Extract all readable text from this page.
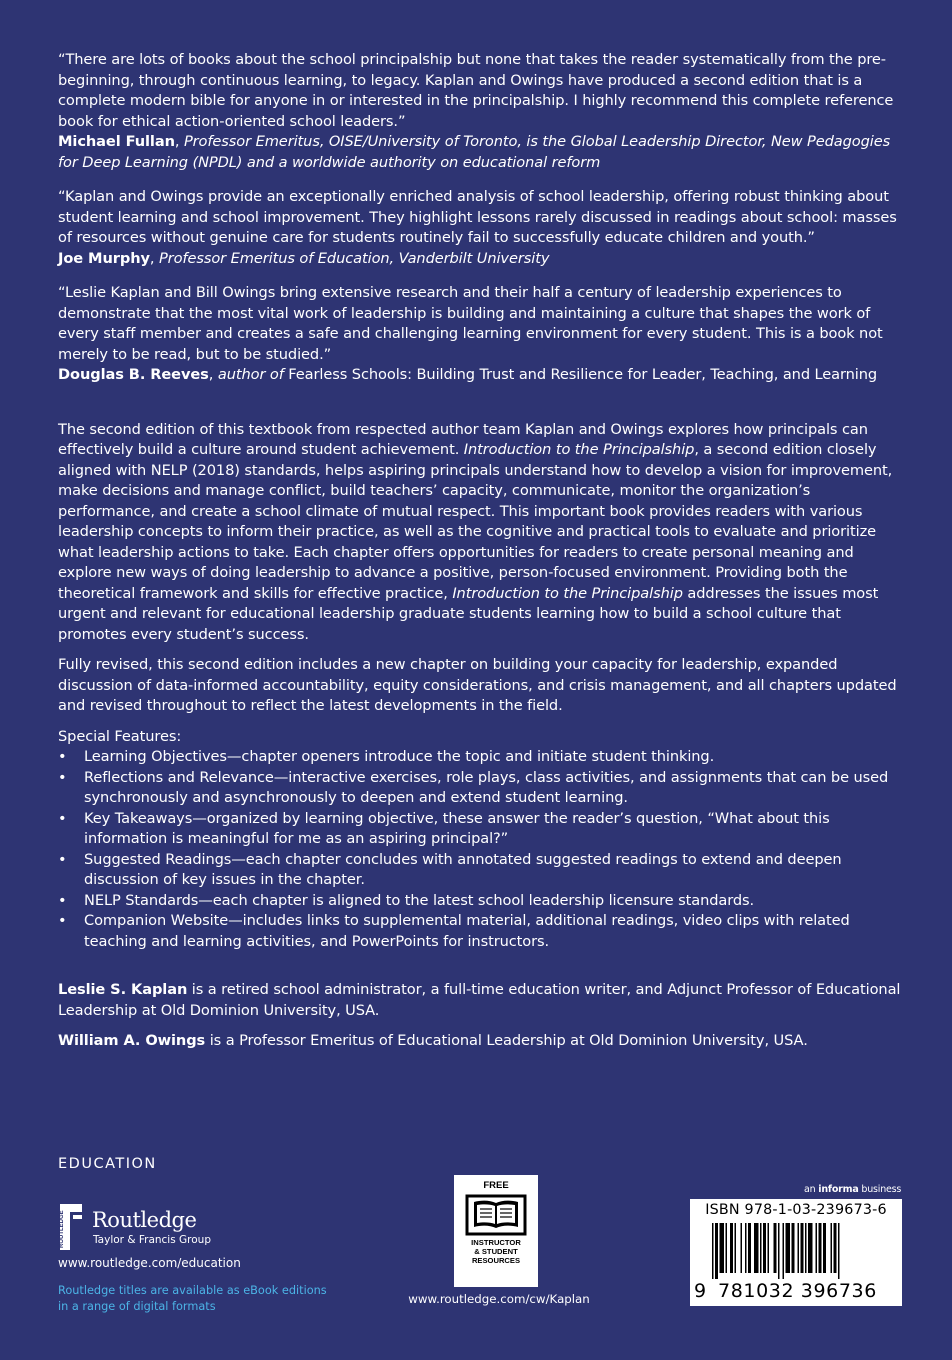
“There are lots of books about the school principalship but none that takes the reader systematically from the pre-beginning, through continuous learning, to legacy. Kaplan and Owings have produced a second edition that is a complete modern bible for anyone in or interested in the principalship. I highly recommend this complete reference book for ethical action-oriented school leaders.”

Michael Fullan, Professor Emeritus, OISE/University of Toronto, is the Global Leadership Director, New Pedagogies for Deep Learning (NPDL) and a worldwide authority on educational reform

“Kaplan and Owings provide an exceptionally enriched analysis of school leadership, offering robust thinking about student learning and school improvement. They highlight lessons rarely discussed in readings about school: masses of resources without genuine care for students routinely fail to successfully educate children and youth.”

Joe Murphy, Professor Emeritus of Education, Vanderbilt University

“Leslie Kaplan and Bill Owings bring extensive research and their half a century of leadership experiences to demonstrate that the most vital work of leadership is building and maintaining a culture that shapes the work of every staff member and creates a safe and challenging learning environment for every student. This is a book not merely to be read, but to be studied.”

Douglas B. Reeves, author of Fearless Schools: Building Trust and Resilience for Leader, Teaching, and Learning

The second edition of this textbook from respected author team Kaplan and Owings explores how principals can effectively build a culture around student achievement. Introduction to the Principalship, a second edition closely aligned with NELP (2018) standards, helps aspiring principals understand how to develop a vision for improvement, make decisions and manage conflict, build teachers’ capacity, communicate, monitor the organization’s performance, and create a school climate of mutual respect. This important book provides readers with various leadership concepts to inform their practice, as well as the cognitive and practical tools to evaluate and prioritize what leadership actions to take. Each chapter offers opportunities for readers to create personal meaning and explore new ways of doing leadership to advance a positive, person-focused environment. Providing both the theoretical framework and skills for effective practice, Introduction to the Principalship addresses the issues most urgent and relevant for educational leadership graduate students learning how to build a school culture that promotes every student’s success.

Fully revised, this second edition includes a new chapter on building your capacity for leadership, expanded discussion of data-informed accountability, equity considerations, and crisis management, and all chapters updated and revised throughout to reflect the latest developments in the field.

Special Features:

• Learning Objectives—chapter openers introduce the topic and initiate student thinking.
• Reflections and Relevance—interactive exercises, role plays, class activities, and assignments that can be used synchronously and asynchronously to deepen and extend student learning.
• Key Takeaways—organized by learning objective, these answer the reader’s question, “What about this information is meaningful for me as an aspiring principal?”
• Suggested Readings—each chapter concludes with annotated suggested readings to extend and deepen discussion of key issues in the chapter.
• NELP Standards—each chapter is aligned to the latest school leadership licensure standards.
• Companion Website—includes links to supplemental material, additional readings, video clips with related teaching and learning activities, and PowerPoints for instructors.

Leslie S. Kaplan is a retired school administrator, a full-time education writer, and Adjunct Professor of Educational Leadership at Old Dominion University, USA.

William A. Owings is a Professor Emeritus of Educational Leadership at Old Dominion University, USA.

EDUCATION
ROUTLEDGE Routledge
Taylor & Francis Group
www.routledge.com/education
Routledge titles are available as eBook editions
in a range of digital formats
FREE
INSTRUCTOR
& STUDENT
RESOURCES
www.routledge.com/cw/Kaplan
an informa business
ISBN 978-1-03-239673-6
9 781032 396736
